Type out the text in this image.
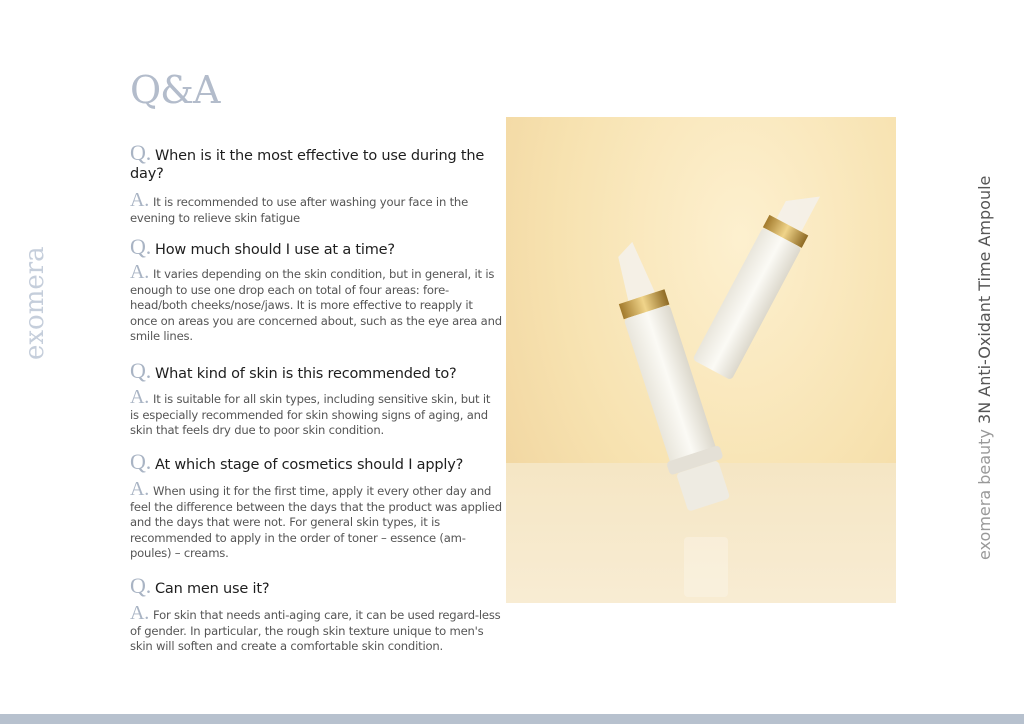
Q&A
Q. When is it the most effective to use during the day?
A. It is recommended to use after washing your face in the evening to relieve skin fatigue
Q. How much should I use at a time?
A. It varies depending on the skin condition, but in general, it is enough to use one drop each on total of four areas: fore-head/both cheeks/nose/jaws. It is more effective to reapply it once on areas you are concerned about, such as the eye area and smile lines.
Q. What kind of skin is this recommended to?
A. It is suitable for all skin types, including sensitive skin, but it is especially recommended for skin showing signs of aging, and skin that feels dry due to poor skin condition.
Q. At which stage of cosmetics should I apply?
A. When using it for the first time, apply it every other day and feel the difference between the days that the product was applied and the days that were not. For general skin types, it is recommended to apply in the order of toner – essence (am-poules) – creams.
Q. Can men use it?
A. For skin that needs anti-aging care, it can be used regard-less of gender. In particular, the rough skin texture unique to men's skin will soften and create a comfortable skin condition.
exomera
exomera beauty 3N Anti-Oxidant Time Ampoule
